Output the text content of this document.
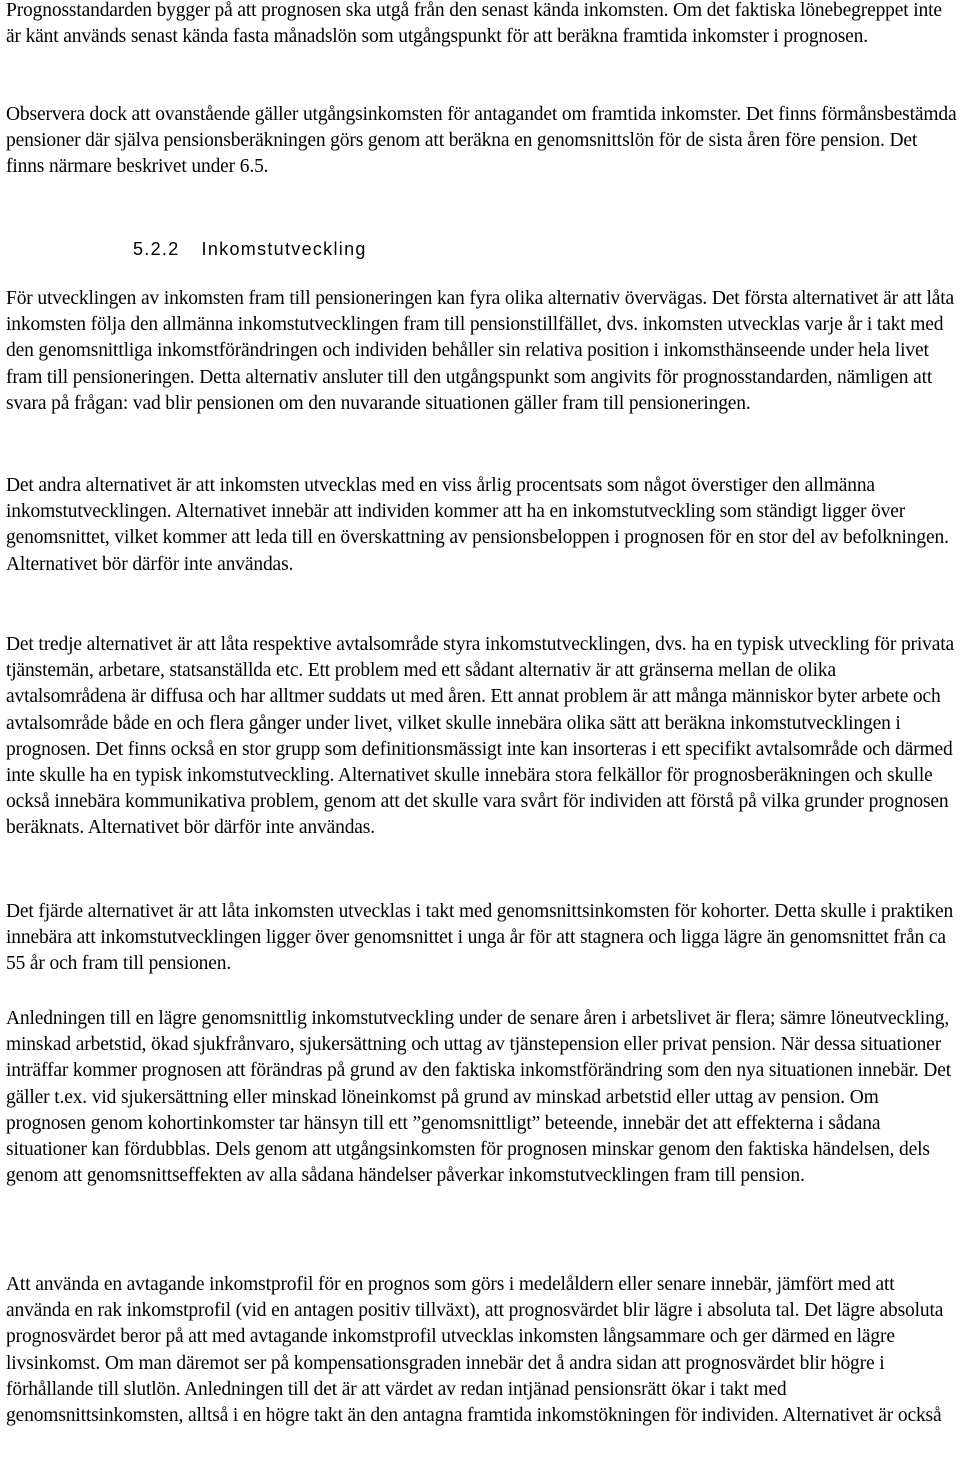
Prognosstandarden bygger på att prognosen ska utgå från den senast kända inkomsten. Om det faktiska lönebegreppet inte är känt används senast kända fasta månadslön som utgångspunkt för att beräkna framtida inkomster i prognosen.

Observera dock att ovanstående gäller utgångsinkomsten för antagandet om framtida inkomster. Det finns förmånsbestämda pensioner där själva pensionsberäkningen görs genom att beräkna en genomsnittslön för de sista åren före pension. Det finns närmare beskrivet under 6.5.

5.2.2 Inkomstutveckling

För utvecklingen av inkomsten fram till pensioneringen kan fyra olika alternativ övervägas. Det första alternativet är att låta inkomsten följa den allmänna inkomstutvecklingen fram till pensionstillfället, dvs. inkomsten utvecklas varje år i takt med den genomsnittliga inkomstförändringen och individen behåller sin relativa position i inkomsthänseende under hela livet fram till pensioneringen. Detta alternativ ansluter till den utgångspunkt som angivits för prognosstandarden, nämligen att svara på frågan: vad blir pensionen om den nuvarande situationen gäller fram till pensioneringen.

Det andra alternativet är att inkomsten utvecklas med en viss årlig procentsats som något överstiger den allmänna inkomstutvecklingen. Alternativet innebär att individen kommer att ha en inkomstutveckling som ständigt ligger över genomsnittet, vilket kommer att leda till en överskattning av pensionsbeloppen i prognosen för en stor del av befolkningen. Alternativet bör därför inte användas.

Det tredje alternativet är att låta respektive avtalsområde styra inkomstutvecklingen, dvs. ha en typisk utveckling för privata tjänstemän, arbetare, statsanställda etc. Ett problem med ett sådant alternativ är att gränserna mellan de olika avtalsområdena är diffusa och har alltmer suddats ut med åren. Ett annat problem är att många människor byter arbete och avtalsområde både en och flera gånger under livet, vilket skulle innebära olika sätt att beräkna inkomstutvecklingen i prognosen. Det finns också en stor grupp som definitionsmässigt inte kan insorteras i ett specifikt avtalsområde och därmed inte skulle ha en typisk inkomstutveckling. Alternativet skulle innebära stora felkällor för prognosberäkningen och skulle också innebära kommunikativa problem, genom att det skulle vara svårt för individen att förstå på vilka grunder prognosen beräknats. Alternativet bör därför inte användas.

Det fjärde alternativet är att låta inkomsten utvecklas i takt med genomsnittsinkomsten för kohorter. Detta skulle i praktiken innebära att inkomstutvecklingen ligger över genomsnittet i unga år för att stagnera och ligga lägre än genomsnittet från ca 55 år och fram till pensionen.

Anledningen till en lägre genomsnittlig inkomstutveckling under de senare åren i arbetslivet är flera; sämre löneutveckling, minskad arbetstid, ökad sjukfrånvaro, sjukersättning och uttag av tjänstepension eller privat pension. När dessa situationer inträffar kommer prognosen att förändras på grund av den faktiska inkomstförändring som den nya situationen innebär. Det gäller t.ex. vid sjukersättning eller minskad löneinkomst på grund av minskad arbetstid eller uttag av pension. Om prognosen genom kohortinkomster tar hänsyn till ett ”genomsnittligt” beteende, innebär det att effekterna i sådana situationer kan fördubblas. Dels genom att utgångsinkomsten för prognosen minskar genom den faktiska händelsen, dels genom att genomsnittseffekten av alla sådana händelser påverkar inkomstutvecklingen fram till pension.

Att använda en avtagande inkomstprofil för en prognos som görs i medelåldern eller senare innebär, jämfört med att använda en rak inkomstprofil (vid en antagen positiv tillväxt), att prognosvärdet blir lägre i absoluta tal. Det lägre absoluta prognosvärdet beror på att med avtagande inkomstprofil utvecklas inkomsten långsammare och ger därmed en lägre livsinkomst. Om man däremot ser på kompensationsgraden innebär det å andra sidan att prognosvärdet blir högre i förhållande till slutlön. Anledningen till det är att värdet av redan intjänad pensionsrätt ökar i takt med genomsnittsinkomsten, alltså i en högre takt än den antagna framtida inkomstökningen för individen. Alternativet är också
